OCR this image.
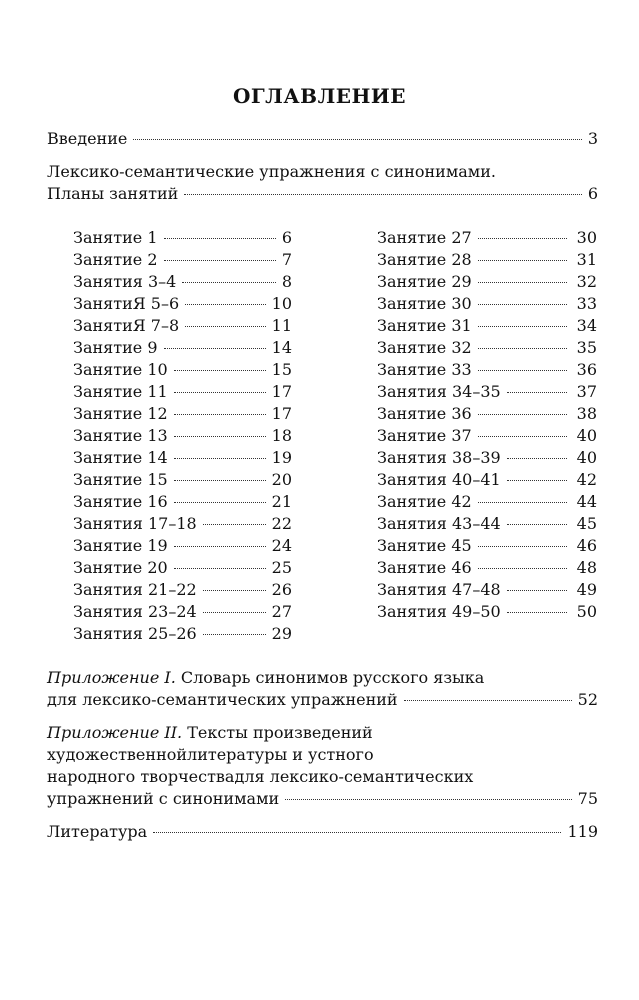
ОГЛАВЛЕНИЕ
Введение	3
Лексико-семантические упражнения с синонимами.
Планы занятий	6
Занятие 1	6
Занятие 2	7
Занятия 3–4	8
ЗанятиЯ 5–6	10
ЗанятиЯ 7–8	11
Занятие 9	14
Занятие 10	15
Занятие 11	17
Занятие 12	17
Занятие 13	18
Занятие 14	19
Занятие 15	20
Занятие 16	21
Занятия 17–18	22
Занятие 19	24
Занятие 20	25
Занятия 21–22	26
Занятия 23–24	27
Занятия 25–26	29
Занятие 27	30
Занятие 28	31
Занятие 29	32
Занятие 30	33
Занятие 31	34
Занятие 32	35
Занятие 33	36
Занятия 34–35	37
Занятие 36	38
Занятие 37	40
Занятия 38–39	40
Занятия 40–41	42
Занятие 42	44
Занятия 43–44	45
Занятие 45	46
Занятие 46	48
Занятия 47–48	49
Занятия 49–50	50
Приложение I. Словарь синонимов русского языка
для лексико-семантических упражнений	52
Приложение II. Тексты произведений
художественнойлитературы и устного
народного творчествадля лексико-семантических
упражнений с синонимами	75
Литература	119
